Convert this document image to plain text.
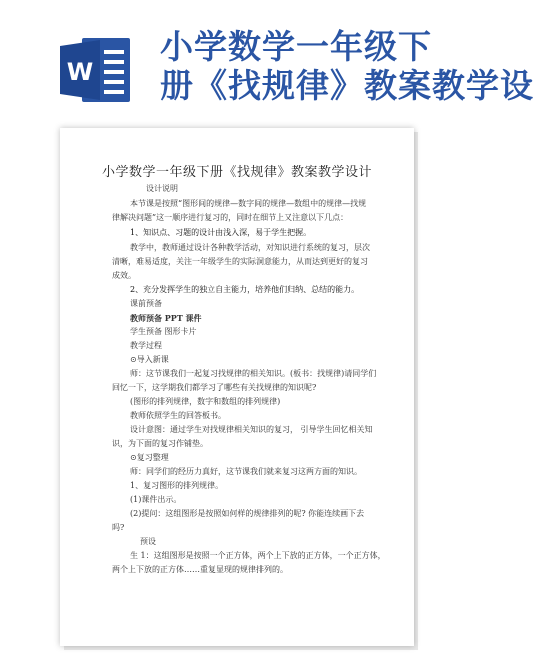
W
小学数学一年级下
册《找规律》教案教学设
小学数学一年级下册《找规律》教案教学设计
设计说明
本节课是按照“图形间的规律—数字间的规律—数组中的规律—找规
律解决问题”这一顺序进行复习的，同时在细节上又注意以下几点：
1、知识点、习题的设计由浅入深，易于学生把握。
教学中，教师通过设计各种教学活动，对知识进行系统的复习，层次
清晰，难易适度，关注一年级学生的实际洞意能力，从而达到更好的复习
成效。
2、充分发挥学生的独立自主能力，培养他们归纳、总结的能力。
课前预备
教师预备 PPT 课件
学生预备 图形卡片
教学过程
⊙导入新课
师：这节课我们一起复习找规律的相关知识。(板书：找规律)请同学们
回忆一下，这学期我们都学习了哪些有关找规律的知识呢?
(图形的排列规律，数字和数组的排列规律)
教师依照学生的回答板书。
设计意图：通过学生对找规律相关知识的复习， 引导学生回忆相关知
识，为下面的复习作铺垫。
⊙复习整理
师：同学们的经历力真好，这节课我们就来复习这两方面的知识。
1、复习图形的排列规律。
(1)课件出示。
(2)提问：这组图形是按照如何样的规律排列的呢? 你能连续画下去
吗?
预设
生 1：这组图形是按照一个正方体，两个上下放的正方体，一个正方体，
两个上下放的正方体……重复显现的规律排列的。
